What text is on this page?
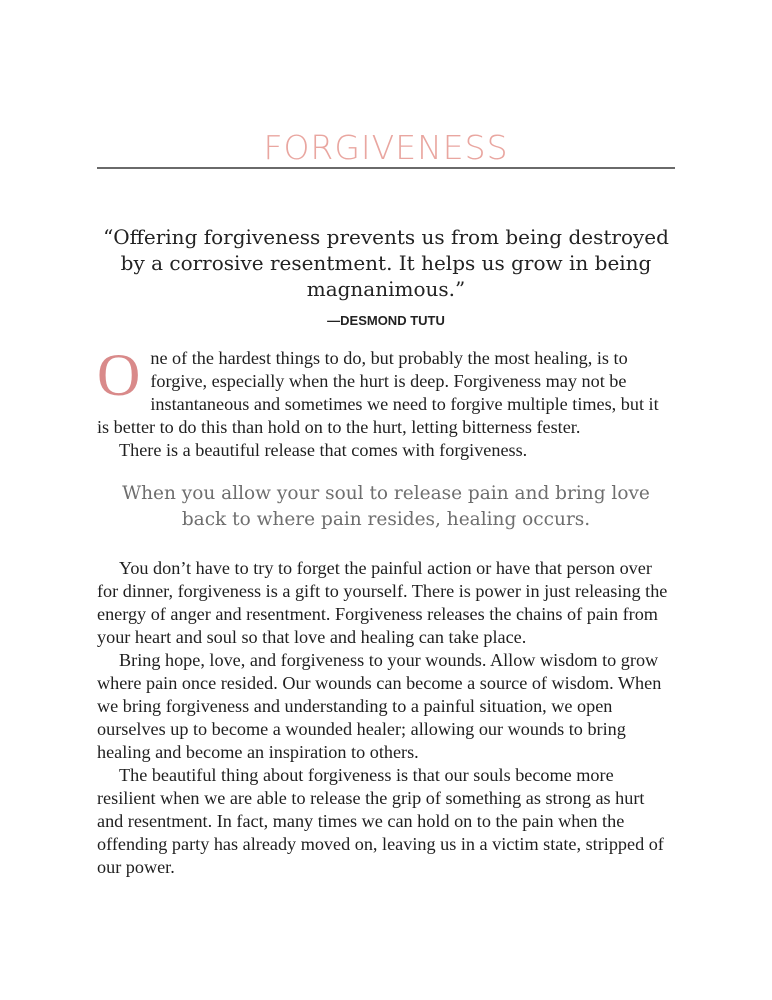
FORGIVENESS

“Offering forgiveness prevents us from being destroyed by a corrosive resentment. It helps us grow in being magnanimous.”

—DESMOND TUTU

One of the hardest things to do, but probably the most healing, is to forgive, especially when the hurt is deep. Forgiveness may not be instantaneous and sometimes we need to forgive multiple times, but it is better to do this than hold on to the hurt, letting bitterness fester.

There is a beautiful release that comes with forgiveness.

When you allow your soul to release pain and bring love back to where pain resides, healing occurs.

You don’t have to try to forget the painful action or have that person over for dinner, forgiveness is a gift to yourself. There is power in just releasing the energy of anger and resentment. Forgiveness releases the chains of pain from your heart and soul so that love and healing can take place.

Bring hope, love, and forgiveness to your wounds. Allow wisdom to grow where pain once resided. Our wounds can become a source of wisdom. When we bring forgiveness and understanding to a painful situation, we open ourselves up to become a wounded healer; allowing our wounds to bring healing and become an inspiration to others.

The beautiful thing about forgiveness is that our souls become more resilient when we are able to release the grip of something as strong as hurt and resentment. In fact, many times we can hold on to the pain when the offending party has already moved on, leaving us in a victim state, stripped of our power.
